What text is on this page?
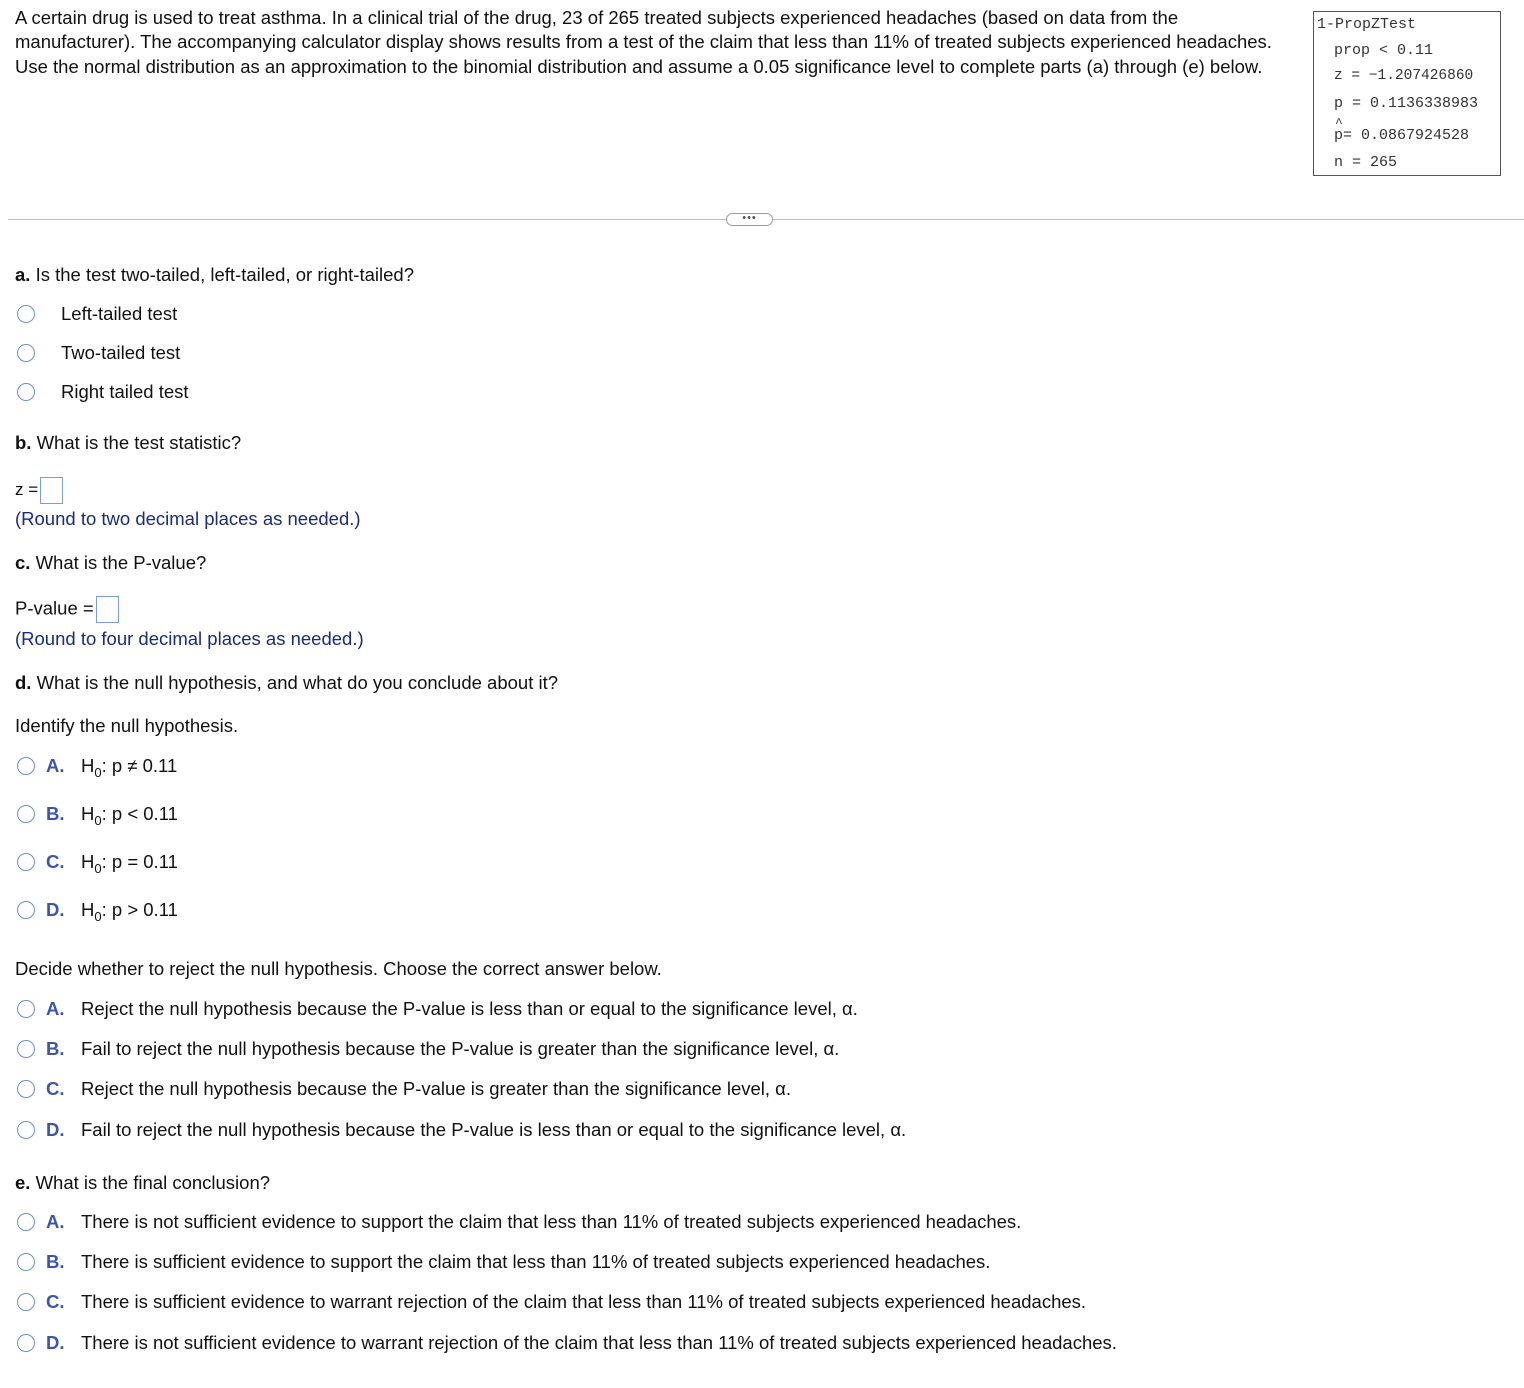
A certain drug is used to treat asthma. In a clinical trial of the drug, 23 of 265 treated subjects experienced headaches (based on data from the manufacturer). The accompanying calculator display shows results from a test of the claim that less than 11% of treated subjects experienced headaches. Use the normal distribution as an approximation to the binomial distribution and assume a 0.05 significance level to complete parts (a) through (e) below.
1-PropZTest
prop < 0.11
z = −1.207426860
p = 0.1136338983
^ p= 0.0867924528
n = 265
•••
a. Is the test two-tailed, left-tailed, or right-tailed?
Left-tailed test
Two-tailed test
Right tailed test
b. What is the test statistic?
z =
(Round to two decimal places as needed.)
c. What is the P-value?
P-value =
(Round to four decimal places as needed.)
d. What is the null hypothesis, and what do you conclude about it?
Identify the null hypothesis.
A. $H_0$: p ≠ 0.11
B. $H_0$: p < 0.11
C. $H_0$: p = 0.11
D. $H_0$: p > 0.11
Decide whether to reject the null hypothesis. Choose the correct answer below.
A. Reject the null hypothesis because the P-value is less than or equal to the significance level, α.
B. Fail to reject the null hypothesis because the P-value is greater than the significance level, α.
C. Reject the null hypothesis because the P-value is greater than the significance level, α.
D. Fail to reject the null hypothesis because the P-value is less than or equal to the significance level, α.
e. What is the final conclusion?
A. There is not sufficient evidence to support the claim that less than 11% of treated subjects experienced headaches.
B. There is sufficient evidence to support the claim that less than 11% of treated subjects experienced headaches.
C. There is sufficient evidence to warrant rejection of the claim that less than 11% of treated subjects experienced headaches.
D. There is not sufficient evidence to warrant rejection of the claim that less than 11% of treated subjects experienced headaches.
